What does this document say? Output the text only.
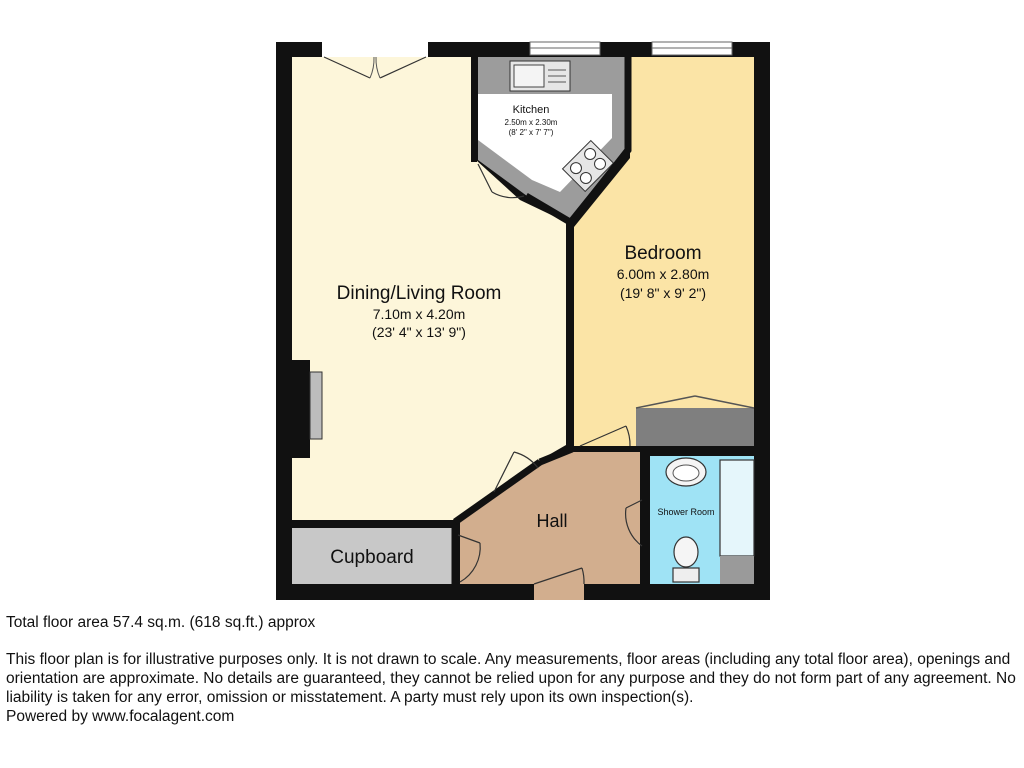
Kitchen
2.50m x 2.30m
(8' 2" x 7' 7")
Dining/Living Room
7.10m x 4.20m
(23' 4" x 13' 9")
Bedroom
6.00m x 2.80m
(19' 8" x 9' 2")
Hall	Shower Room
Cupboard
Total floor area 57.4 sq.m. (618 sq.ft.) approx
This floor plan is for illustrative purposes only. It is not drawn to scale. Any measurements, floor areas (including any total floor area), openings and orientation are approximate. No details are guaranteed, they cannot be relied upon for any purpose and they do not form part of any agreement. No liability is taken for any error, omission or misstatement. A party must rely upon its own inspection(s).
Powered by www.focalagent.com
